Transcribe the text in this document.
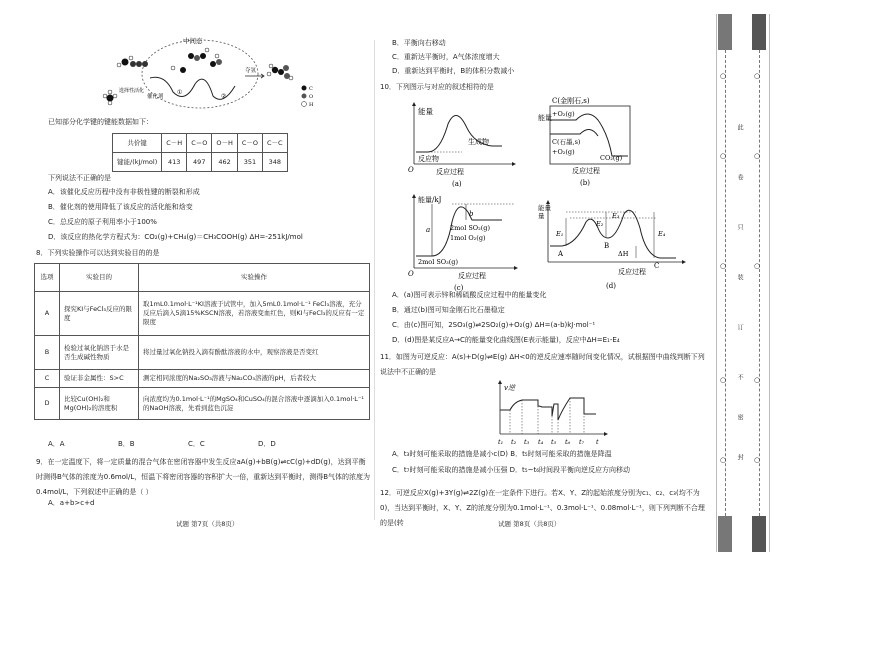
中间态
选择性活化
催化剂
①
②
夺氢
C
O
H
已知部分化学键的键能数据如下：
共价键	C－H	C＝O	O－H	C－O	C－C
键能/(kJ/mol)	413	497	462	351	348
下列说法不正确的是
A．该催化反应历程中没有非极性键的断裂和形成
B．催化剂的使用降低了该反应的活化能和焓变
C．总反应的原子利用率小于100%
D．该反应的热化学方程式为：CO₂(g)+CH₄(g)＝CH₃COOH(g) ΔH=-251kJ/mol
8．下列实验操作可以达到实验目的的是
选项	实验目的	实验操作
A	探究KI与FeCl₃反应的限度	取1mL0.1mol·L⁻¹KI溶液于试管中，加入5mL0.1mol·L⁻¹ FeCl₃溶液，充分反应后滴入5滴15%KSCN溶液，若溶液变血红色，则KI与FeCl₃的反应有一定限度
B	检验过氧化钠溶于水是否生成碱性物质	将过量过氧化钠投入滴有酚酞溶液的水中，观察溶液是否变红
C	验证非金属性：S>C	测定相同浓度的Na₂SO₃溶液与Na₂CO₃溶液的pH，后者较大
D	比较Cu(OH)₂和Mg(OH)₂的溶度积	向浓度均为0.1mol·L⁻¹的MgSO₄和CuSO₄的混合溶液中逐滴加入0.1mol·L⁻¹的NaOH溶液，先看到蓝色沉淀
A．A	B．B	C．C	D．D
9．在一定温度下，将一定质量的混合气体在密闭容器中发生反应aA(g)+bB(g)⇌cC(g)+dD(g)，达到平衡时测得B气体的浓度为0.6mol/L，恒温下将密闭容器的容积扩大一倍，重新达到平衡时，测得B气体的浓度为0.4mol/L，下列叙述中正确的是（ ）
A．a+b>c+d
试题 第7页（共8页）
B．平衡向右移动
C．重新达平衡时，A气体浓度增大
D．重新达到平衡时，B的体积分数减小
10．下列图示与对应的叙述相符的是
能量
反应物
生成物
O	反应过程
(a)
能量
C(金刚石,s)
+O₂(g)
C(石墨,s)
+O₂(g)
CO₂(g)
反应过程
(b)
能量/kJ
a
b
2mol SO₂(g)
1mol O₂(g)
2mol SO₃(g)
O	反应过程
(c)
能量
量
E₁
E₂
E₃
E₄
A
B
C
ΔH
反应过程
(d)
A．(a)图可表示锌和稀硫酸反应过程中的能量变化
B．通过(b)图可知金刚石比石墨稳定
C．由(c)图可知，2SO₃(g)⇌2SO₂(g)+O₂(g) ΔH=(a-b)kJ·mol⁻¹
D．(d)图是某反应A→C的能量变化曲线图(E表示能量)，反应中ΔH=E₁-E₄
11．如图为可逆反应：A(s)+D(g)⇌E(g) ΔH<0的逆反应速率随时间变化情况，试根据图中曲线判断下列说法中不正确的是
v逆
t₁ t₂ t₃ t₄ t₅ t₆ t₇ t
A．t₃时刻可能采取的措施是减小c(D) B．t₅时刻可能采取的措施是降温
C．t₇时刻可能采取的措施是减小压强 D．t₅~t₆时间段平衡向逆反应方向移动
12．可逆反应X(g)+3Y(g)⇌2Z(g)在一定条件下进行。若X、Y、Z的起始浓度分别为c₁、c₂、c₃(均不为0)，当达到平衡时，X、Y、Z的浓度分别为0.1mol·L⁻¹、0.3mol·L⁻¹、0.08mol·L⁻¹，则下列判断不合理的是(转	试题 第8页（共8页）
○
○
○
○
○
○
○
○
○
○
此
卷
只
装
订
不
密
封
